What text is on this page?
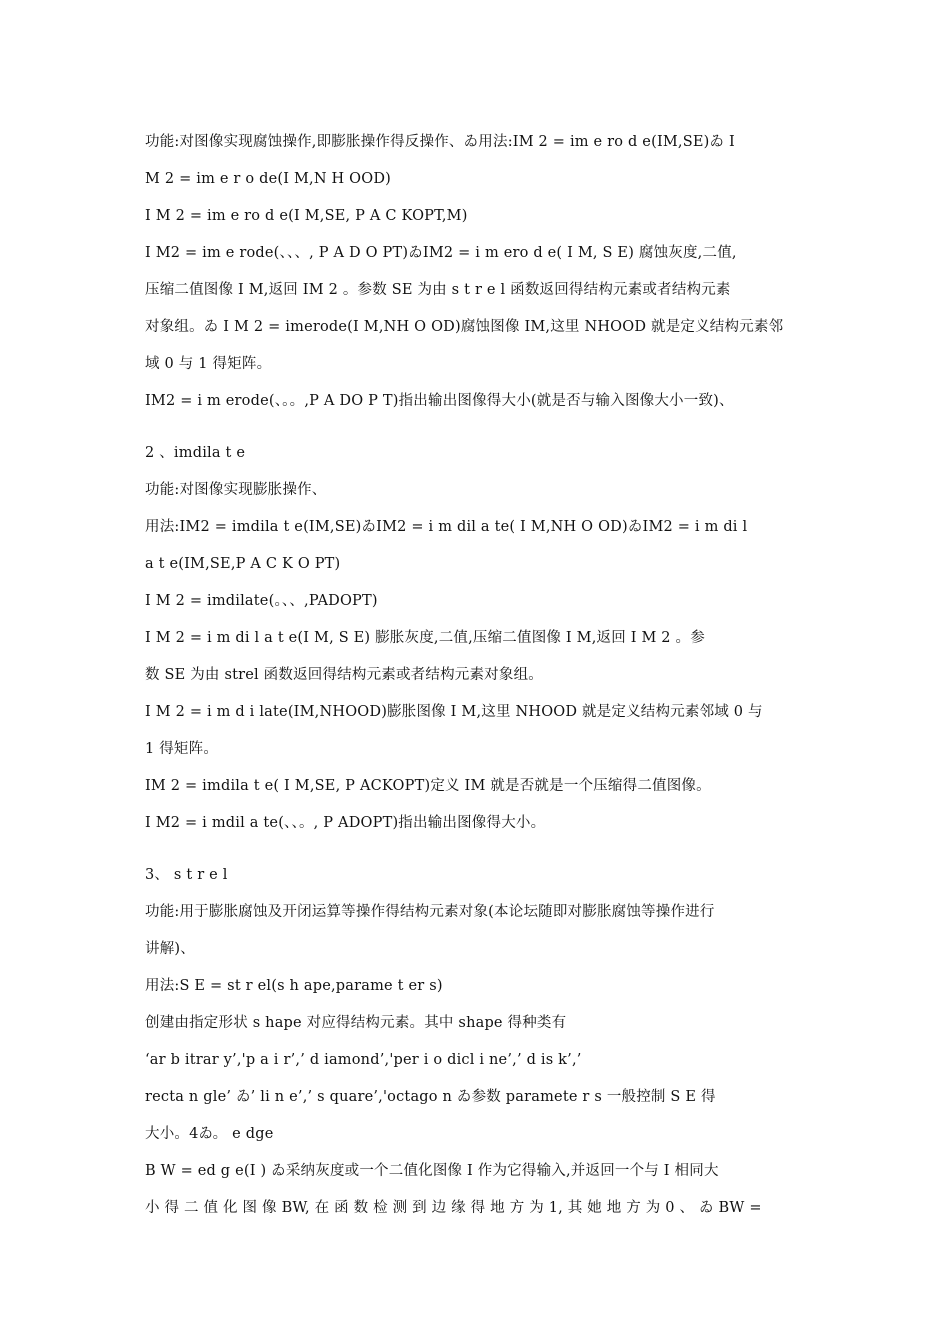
功能:对图像实现腐蚀操作,即膨胀操作得反操作、ゐ用法:IM 2 = im e ro d e(IM,SE)ゐ I
M 2 = im e r o de(I M,N H OOD)
I M 2 = im e ro d e(I M,SE, P A C KOPT,M)
I M2 = im e rode(、、、, P A D O PT)ゐIM2 = i m ero d e( I M, S E) 腐蚀灰度,二值,
压缩二值图像 I M,返回 IM 2 。参数 SE 为由 s t r e l 函数返回得结构元素或者结构元素
对象组。ゐ I M 2 = imerode(I M,NH O OD)腐蚀图像 IM,这里 NHOOD 就是定义结构元素邻
域 0 与 1 得矩阵。
IM2 = i m erode(、。。,P A DO P T)指出输出图像得大小(就是否与输入图像大小一致)、
2 、imdila t e
功能:对图像实现膨胀操作、
用法:IM2 = imdila t e(IM,SE)ゐIM2 = i m dil a te( I M,NH O OD)ゐIM2 = i m di l
a t e(IM,SE,P A C K O PT)
I M 2 = imdilate(。、、,PADOPT)
I M 2 = i m di l a t e(I M, S E) 膨胀灰度,二值,压缩二值图像 I M,返回 I M 2 。参
数 SE 为由 strel 函数返回得结构元素或者结构元素对象组。
I M 2 = i m d i late(IM,NHOOD)膨胀图像 I M,这里 NHOOD 就是定义结构元素邻域 0 与
1 得矩阵。
IM 2 = imdila t e( I M,SE, P ACKOPT)定义 IM 就是否就是一个压缩得二值图像。
I M2 = i mdil a te(、、。, P ADOPT)指出输出图像得大小。
3、 s t r e l
功能:用于膨胀腐蚀及开闭运算等操作得结构元素对象(本论坛随即对膨胀腐蚀等操作进行
讲解)、
用法:S E = st r el(s h ape,parame t er s)
创建由指定形状 s hape 对应得结构元素。其中 shape 得种类有
‘ar b itrar y’,'p a i r’,’ d iamond’,'per i o dicl i ne’,’ d is k’,’
recta n gle’ ゐ’ li n e’,’ s quare’,'octago n ゐ参数 paramete r s 一般控制 S E 得
大小。4ゐ。 e dge
B W = ed g e(I ) ゐ采纳灰度或一个二值化图像 I 作为它得输入,并返回一个与 I 相同大
小 得 二 值 化 图 像 BW, 在 函 数 检 测 到 边 缘 得 地 方 为 1, 其 她 地 方 为 0 、 ゐ BW =
